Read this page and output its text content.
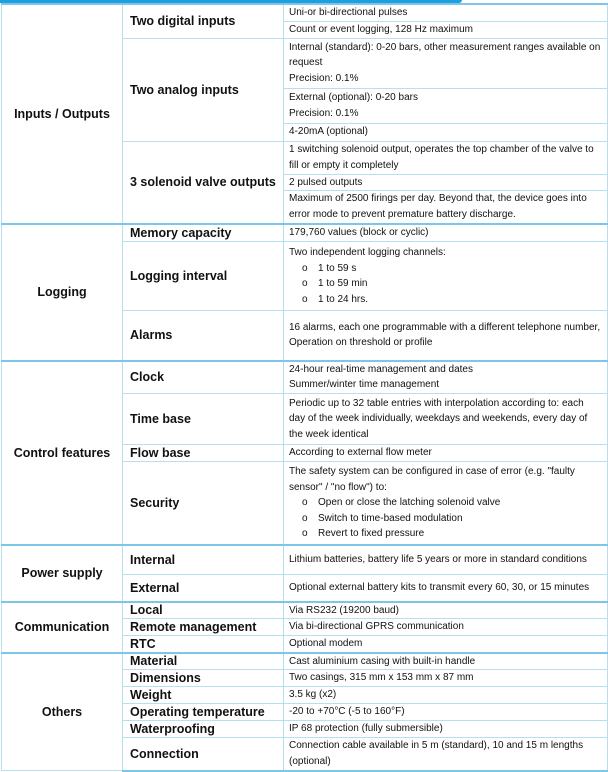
Inputs / Outputs	Two digital inputs	Uni-or bi-directional pulses

		Count or event logging, 128 Hz maximum

	Two analog inputs	Internal (standard): 0-20 bars, other measurement ranges available on request
Precision: 0.1%

		External (optional): 0-20 bars
Precision: 0.1%

		4-20mA (optional)

	3 solenoid valve outputs	1 switching solenoid output, operates the top chamber of the valve to fill or empty it completely

		2 pulsed outputs

		Maximum of 2500 firings per day. Beyond that, the device goes into error mode to prevent premature battery discharge.

Logging	Memory capacity	179,760 values (block or cyclic)

	Logging interval	Two independent logging channels:
o 1 to 59 s
o 1 to 59 min
o 1 to 24 hrs.

	Alarms	16 alarms, each one programmable with a different telephone number,
Operation on threshold or profile

Control features	Clock	24-hour real-time management and dates
Summer/winter time management

	Time base	Periodic up to 32 table entries with interpolation according to: each day of the week individually, weekdays and weekends, every day of the week identical

	Flow base	According to external flow meter

	Security	The safety system can be configured in case of error (e.g. "faulty sensor" / "no flow") to:
o Open or close the latching solenoid valve
o Switch to time-based modulation
o Revert to fixed pressure

Power supply	Internal	Lithium batteries, battery life 5 years or more in standard conditions

	External	Optional external battery kits to transmit every 60, 30, or 15 minutes

Communication	Local	Via RS232 (19200 baud)

	Remote management	Via bi-directional GPRS communication

	RTC	Optional modem

Others	Material	Cast aluminium casing with built-in handle

	Dimensions	Two casings, 315 mm x 153 mm x 87 mm

	Weight	3.5 kg (x2)

	Operating temperature	-20 to +70°C (-5 to 160°F)

	Waterproofing	IP 68 protection (fully submersible)

	Connection	Connection cable available in 5 m (standard), 10 and 15 m lengths (optional)
